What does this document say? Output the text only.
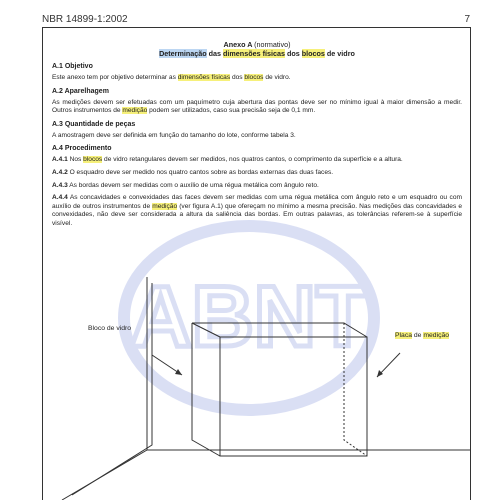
NBR 14899-1:2002	7
ABNT
Anexo A (normativo)
Determinação das dimensões físicas dos blocos de vidro
A.1 Objetivo

Este anexo tem por objetivo determinar as dimensões físicas dos blocos de vidro.

A.2 Aparelhagem

As medições devem ser efetuadas com um paquímetro cuja abertura das pontas deve ser no mínimo igual à maior dimensão a medir. Outros instrumentos de medição podem ser utilizados, caso sua precisão seja de 0,1 mm.

A.3 Quantidade de peças

A amostragem deve ser definida em função do tamanho do lote, conforme tabela 3.

A.4 Procedimento

A.4.1 Nos blocos de vidro retangulares devem ser medidos, nos quatros cantos, o comprimento da superfície e a altura.

A.4.2 O esquadro deve ser medido nos quatro cantos sobre as bordas externas das duas faces.

A.4.3 As bordas devem ser medidas com o auxílio de uma régua metálica com ângulo reto.

A.4.4 As concavidades e convexidades das faces devem ser medidas com uma régua metálica com ângulo reto e um esquadro ou com auxílio de outros instrumentos de medição (ver figura A.1) que ofereçam no mínimo a mesma precisão. Nas medições das concavidades e convexidades, não deve ser considerada a altura da saliência das bordas. Em outras palavras, as tolerâncias referem-se à superfície visível.

Bloco de vidro
Placa de medição
